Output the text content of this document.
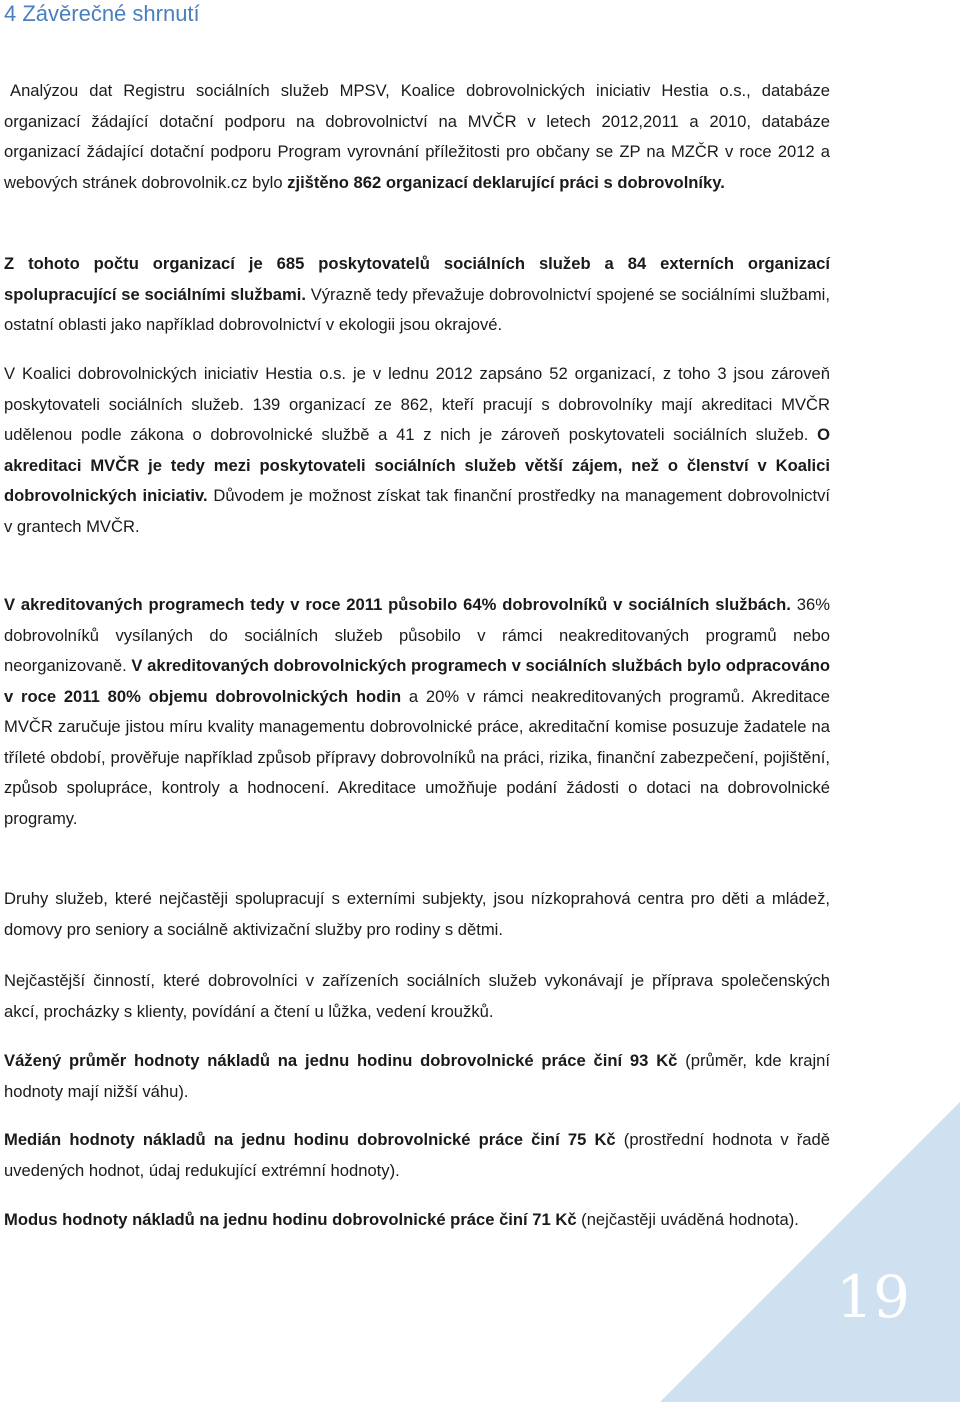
4 Závěrečné shrnutí

Analýzou dat Registru sociálních služeb MPSV, Koalice dobrovolnických iniciativ Hestia o.s., databáze organizací žádající dotační podporu na dobrovolnictví na MVČR v letech 2012,2011 a 2010, databáze organizací žádající dotační podporu Program vyrovnání příležitosti pro občany se ZP na MZČR v roce 2012 a webových stránek dobrovolnik.cz bylo zjištěno 862 organizací deklarující práci s dobrovolníky.

Z tohoto počtu organizací je 685 poskytovatelů sociálních služeb a 84 externích organizací spolupracující se sociálními službami. Výrazně tedy převažuje dobrovolnictví spojené se sociálními službami, ostatní oblasti jako například dobrovolnictví v ekologii jsou okrajové.

V Koalici dobrovolnických iniciativ Hestia o.s. je v lednu 2012 zapsáno 52 organizací, z toho 3 jsou zároveň poskytovateli sociálních služeb. 139 organizací ze 862, kteří pracují s dobrovolníky mají akreditaci MVČR udělenou podle zákona o dobrovolnické službě a 41 z nich je zároveň poskytovateli sociálních služeb. O akreditaci MVČR je tedy mezi poskytovateli sociálních služeb větší zájem, než o členství v Koalici dobrovolnických iniciativ. Důvodem je možnost získat tak finanční prostředky na management dobrovolnictví v grantech MVČR.

V akreditovaných programech tedy v roce 2011 působilo 64% dobrovolníků v sociálních službách. 36% dobrovolníků vysílaných do sociálních služeb působilo v rámci neakreditovaných programů nebo neorganizovaně. V akreditovaných dobrovolnických programech v sociálních službách bylo odpracováno v roce 2011 80% objemu dobrovolnických hodin a 20% v rámci neakreditovaných programů. Akreditace MVČR zaručuje jistou míru kvality managementu dobrovolnické práce, akreditační komise posuzuje žadatele na tříleté období, prověřuje například způsob přípravy dobrovolníků na práci, rizika, finanční zabezpečení, pojištění, způsob spolupráce, kontroly a hodnocení. Akreditace umožňuje podání žádosti o dotaci na dobrovolnické programy.

Druhy služeb, které nejčastěji spolupracují s externími subjekty, jsou nízkoprahová centra pro děti a mládež, domovy pro seniory a sociálně aktivizační služby pro rodiny s dětmi.

Nejčastější činností, které dobrovolníci v zařízeních sociálních služeb vykonávají je příprava společenských akcí, procházky s klienty, povídání a čtení u lůžka, vedení kroužků.

Vážený průměr hodnoty nákladů na jednu hodinu dobrovolnické práce činí 93 Kč (průměr, kde krajní hodnoty mají nižší váhu).

Medián hodnoty nákladů na jednu hodinu dobrovolnické práce činí 75 Kč (prostřední hodnota v řadě uvedených hodnot, údaj redukující extrémní hodnoty).

Modus hodnoty nákladů na jednu hodinu dobrovolnické práce činí 71 Kč (nejčastěji uváděná hodnota).

19
